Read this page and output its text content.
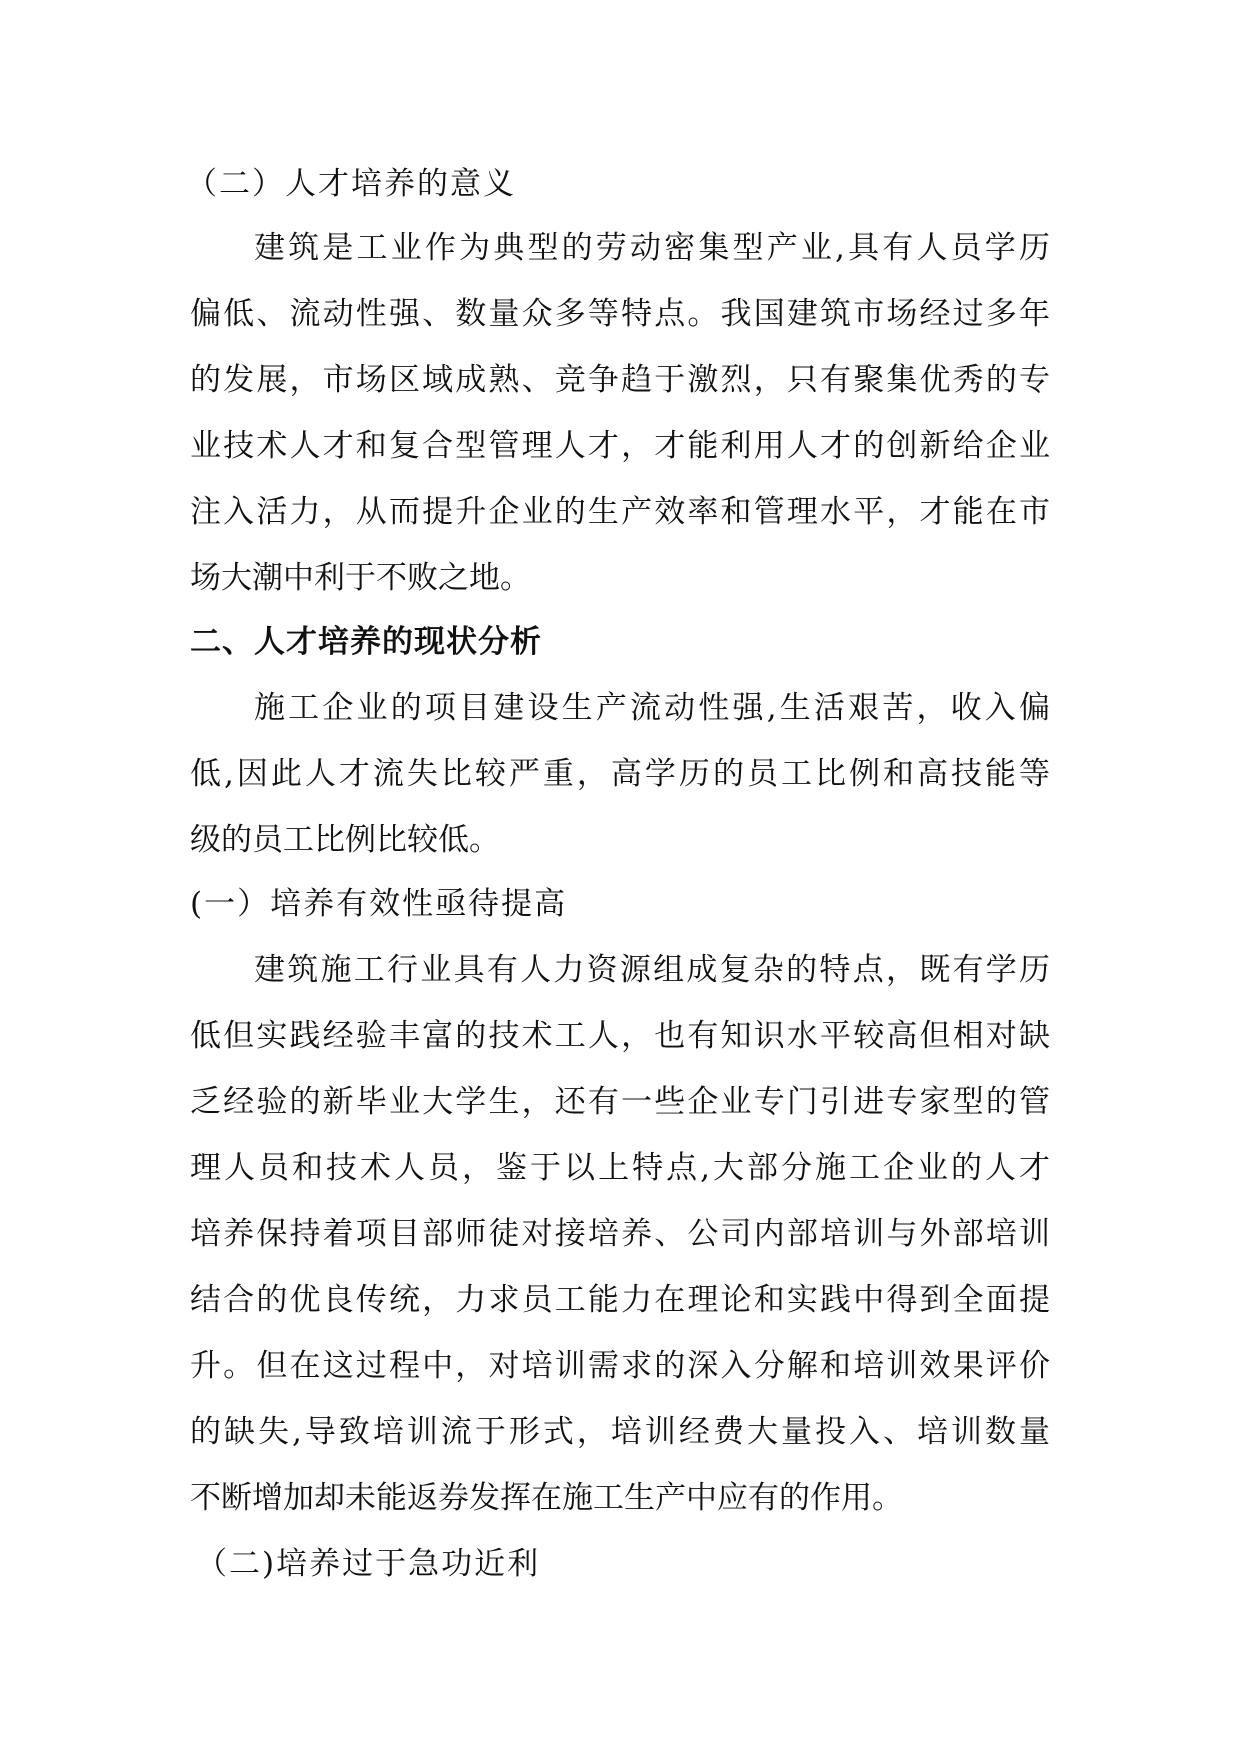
（二）人才培养的意义
建筑是工业作为典型的劳动密集型产业,具有人员学历
偏低、流动性强、数量众多等特点。我国建筑市场经过多年
的发展，市场区域成熟、竞争趋于激烈，只有聚集优秀的专
业技术人才和复合型管理人才，才能利用人才的创新给企业
注入活力，从而提升企业的生产效率和管理水平，才能在市
场大潮中利于不败之地。
二、人才培养的现状分析
施工企业的项目建设生产流动性强,生活艰苦，收入偏
低,因此人才流失比较严重，高学历的员工比例和高技能等
级的员工比例比较低。
(一）培养有效性亟待提高
建筑施工行业具有人力资源组成复杂的特点，既有学历
低但实践经验丰富的技术工人，也有知识水平较高但相对缺
乏经验的新毕业大学生，还有一些企业专门引进专家型的管
理人员和技术人员，鉴于以上特点,大部分施工企业的人才
培养保持着项目部师徒对接培养、公司内部培训与外部培训
结合的优良传统，力求员工能力在理论和实践中得到全面提
升。但在这过程中，对培训需求的深入分解和培训效果评价
的缺失,导致培训流于形式，培训经费大量投入、培训数量
不断增加却未能返券发挥在施工生产中应有的作用。
（二)培养过于急功近利
